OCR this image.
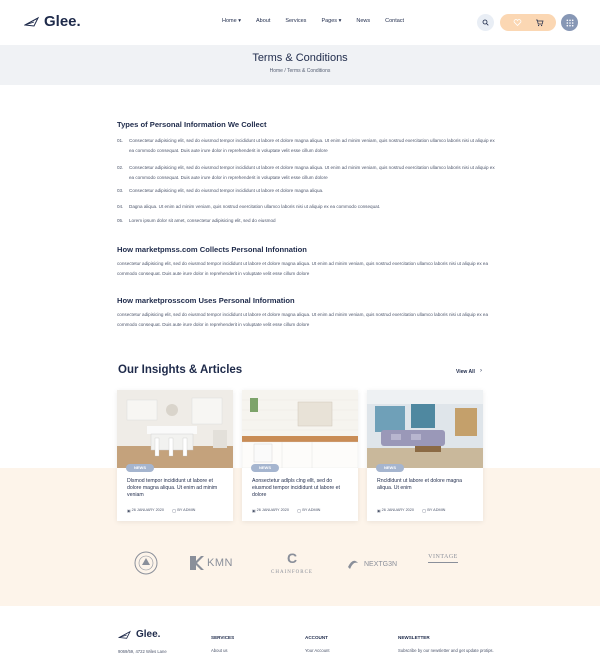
Glee.	Home ▾	About	Services	Pages ▾	News	Contact
Terms & Conditions
Home / Terms & Conditions
Types of Personal Information We Collect
01.	Consectetur adipisicing elit, sed do eiusmod tempor incididunt ut labore et dolore magna aliqua. Ut enim ad minim veniam, quis nostrud exercitation ullamco laboris nisi ut aliquip ex ea commodo consequat. Duis aute irure dolor in reprehenderit in voluptate velit esse cillum dolore
02.	Consectetur adipisicing elit, sed do eiusmod tempor incididunt ut labore et dolore magna aliqua. Ut enim ad minim veniam, quis nostrud exercitation ullamco laboris nisi ut aliquip ex ea commodo consequat. Duis aute irure dolor in reprehenderit in voluptate velit esse cillum dolore
03.	Consectetur adipisicing elit, sed do eiusmod tempor incididunt ut labore et dolore magna aliqua.
04.	Dagna aliqua. Ut enim ad minim veniam, quis nostrud exercitation ullamco laboris nisi ut aliquip ex ea commodo consequat.
05.	Lorem ipsum dolor sit amet, consectetur adipisicing elit, sed do eiusmod
How marketpmss.com Collects Personal Infonnation
consectetur adipisicing elit, sed do eiusmod tempor incididunt ut labore et dolore magna aliqua. Ut enim ad minim veniam, quis nostrud exercitation ullamco laboris nisi ut aliquip ex ea commodo consequat. Duis aute irure dolor in reprehenderit in voluptate velit esse cillum dolore
How marketprosscom Uses Personal Information
consectetur adipisicing elit, sed do eiusmod tempor incididunt ut labore et dolore magna aliqua. Ut enim ad minim veniam, quis nostrud exercitation ullamco laboris nisi ut aliquip ex ea commodo consequat. Duis aute irure dolor in reprehenderit in voluptate velit esse cillum dolore
Our Insights & Articles	View All ›
NEWS
Dlsmod tempor incididunt ut labore et dolore magna aliqua. Ut enim ad minim veniam
▣ 26 JANUARY 2020 ◯ BY ADMIN
NEWS
Aonsectetur adlpls clng ellt, sed do eiusmod tempor incididunt ut labore et dolore
▣ 26 JANUARY 2020 ◯ BY ADMIN
NEWS
Rncldldunt ut labore et dolore magna aliqua. Ut enim
▣ 26 JANUARY 2020 ◯ BY ADMIN
KMN	C
CHAINFORCE
NEXTG3N
VINTAGE
Glee.
9069/59, 4722 Wiles Lane
SERVICES
About us
ACCOUNT
Your Account
NEWSLETTER
Subscribe by our newsletter and get update protips.
